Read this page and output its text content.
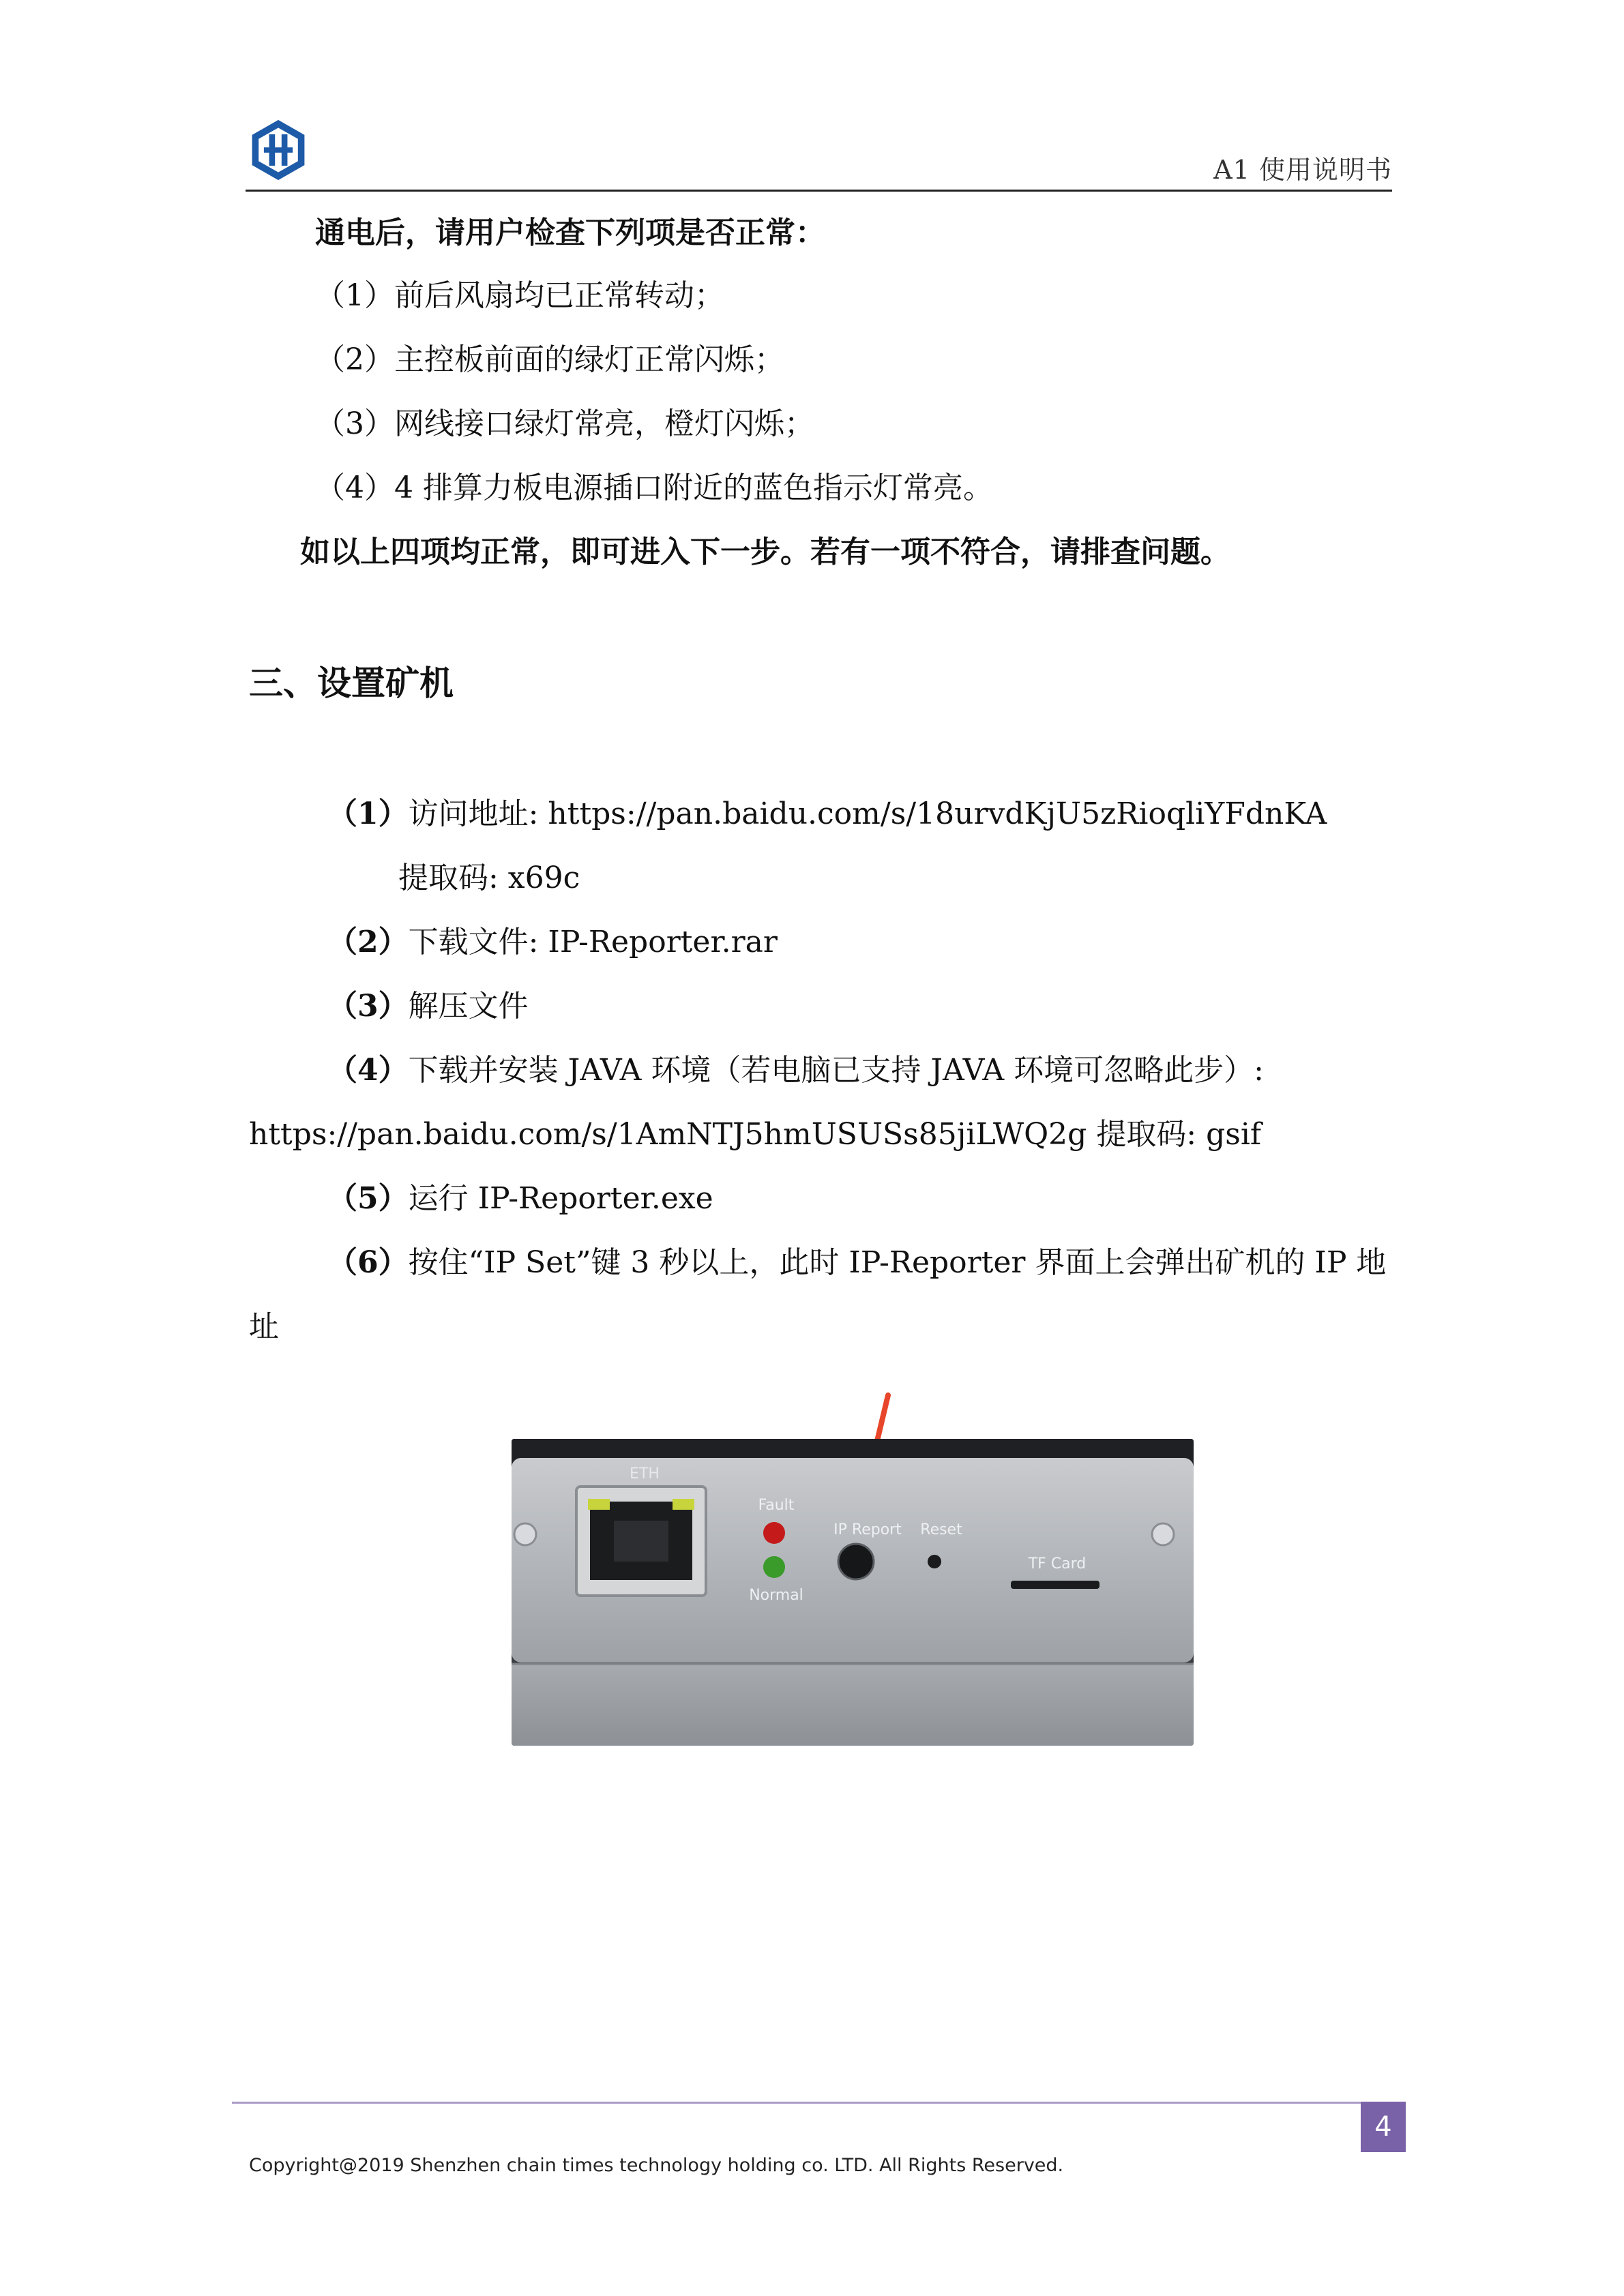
A1 使用说明书
通电后，请用户检查下列项是否正常：
（1）前后风扇均已正常转动；
（2）主控板前面的绿灯正常闪烁；
（3）网线接口绿灯常亮，橙灯闪烁；
（4）4 排算力板电源插口附近的蓝色指示灯常亮。
如以上四项均正常，即可进入下一步。若有一项不符合，请排查问题。
三、设置矿机
（1）访问地址: https://pan.baidu.com/s/18urvdKjU5zRioqliYFdnKA
提取码: x69c
（2）下载文件: IP-Reporter.rar
（3）解压文件
（4）下载并安装 JAVA 环境（若电脑已支持 JAVA 环境可忽略此步）:
https://pan.baidu.com/s/1AmNTJ5hmUSUSs85jiLWQ2g 提取码: gsif
（5）运行 IP-Reporter.exe
（6）按住“IP Set”键 3 秒以上，此时 IP-Reporter 界面上会弹出矿机的 IP 地
址
ETH
Fault
Normal
IP Report Reset
TF Card
4
Copyright@2019 Shenzhen chain times technology holding co. LTD. All Rights Reserved.
